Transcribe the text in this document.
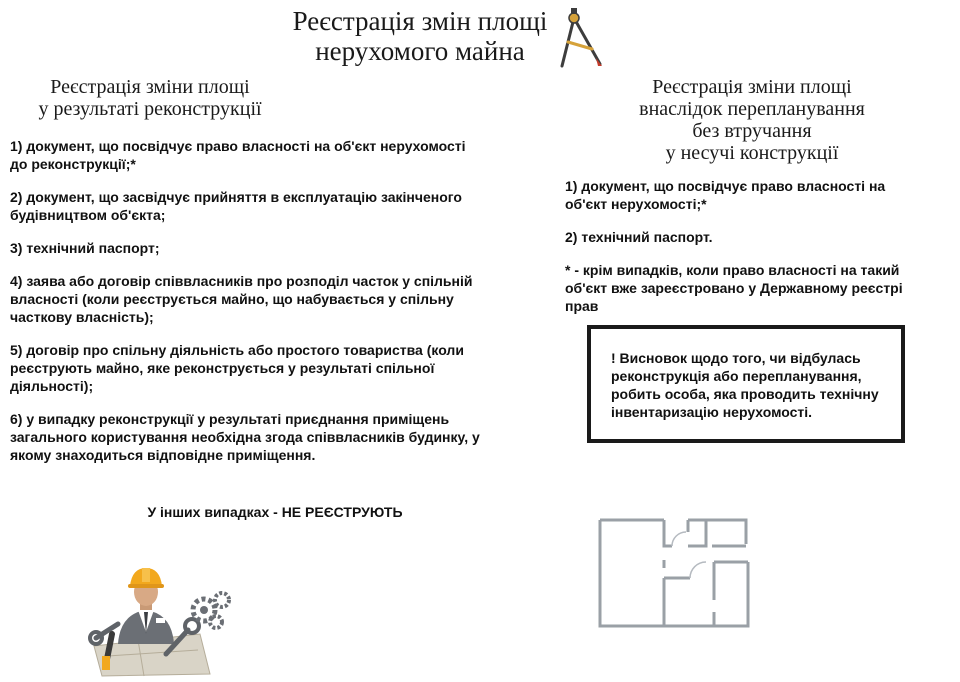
Реєстрація змін площі
нерухомого майна
Реєстрація зміни площі
у результаті реконструкції
Реєстрація зміни площі
внаслідок перепланування
без втручання
у несучі конструкції

1) документ, що посвідчує право власності на об'єкт нерухомості до реконструкції;*

2) документ, що засвідчує прийняття в експлуатацію закінченого будівництвом об'єкта;

3) технічний паспорт;

4) заява або договір співвласників про розподіл часток у спільній власності (коли реєструється майно, що набувається у спільну часткову власність);

5) договір про спільну діяльність або простого товариства (коли реєструють майно, яке реконструється у результаті спільної діяльності);

6) у випадку реконструкції у результаті приєднання приміщень загального користування необхідна згода співвласників будинку, у якому знаходиться відповідне приміщення.

У інших випадках - НЕ РЕЄСТРУЮТЬ

1) документ, що посвідчує право власності на об'єкт нерухомості;*

2) технічний паспорт.

* - крім випадків, коли право власності на такий об'єкт вже зареєстровано у Державному реєстрі прав

! Висновок щодо того, чи відбулась реконструкція або перепланування, робить особа, яка проводить технічну інвентаризацію нерухомості.
